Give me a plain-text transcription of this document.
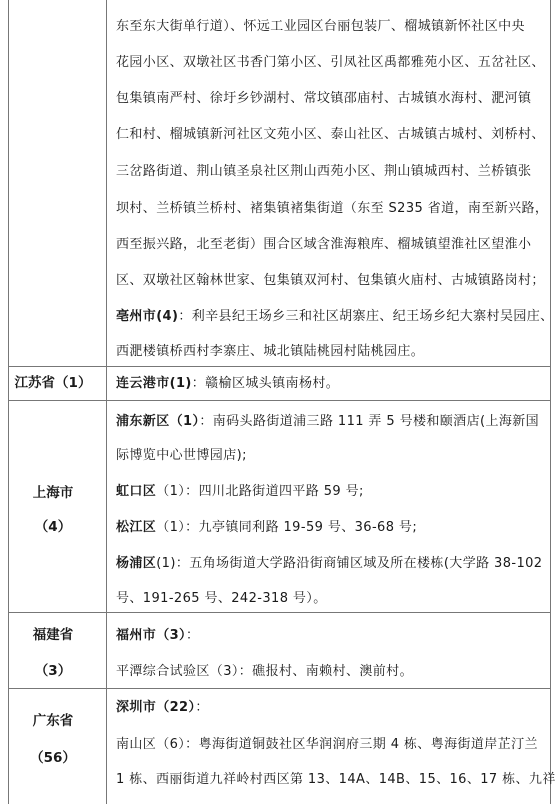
东至东大街单行道）、怀远工业园区台丽包装厂、榴城镇新怀社区中央
花园小区、双墩社区书香门第小区、引凤社区禹都雅苑小区、五岔社区、
包集镇南严村、徐圩乡钞湖村、常坟镇邵庙村、古城镇水海村、淝河镇
仁和村、榴城镇新河社区文苑小区、泰山社区、古城镇古城村、刘桥村、
三岔路街道、荆山镇圣泉社区荆山西苑小区、荆山镇城西村、兰桥镇张
坝村、兰桥镇兰桥村、褚集镇褚集街道（东至 S235 省道，南至新兴路，
西至振兴路，北至老街）围合区域含淮海粮库、榴城镇望淮社区望淮小
区、双墩社区翰林世家、包集镇双河村、包集镇火庙村、古城镇路岗村；
亳州市(4)：利辛县纪王场乡三和社区胡寨庄、纪王场乡纪大寨村吴园庄、
西淝楼镇桥西村李寨庄、城北镇陆桃园村陆桃园庄。
江苏省（1）	连云港市(1)：赣榆区城头镇南杨村。
上海市
（4）
浦东新区（1）：南码头路街道浦三路 111 弄 5 号楼和颐酒店(上海新国
际博览中心世博园店);
虹口区（1）：四川北路街道四平路 59 号;
松江区（1）：九亭镇同利路 19-59 号、36-68 号;
杨浦区(1)：五角场街道大学路沿街商铺区域及所在楼栋(大学路 38-102
号、191-265 号、242-318 号）。
福建省
（3）
福州市（3）：
平潭综合试验区（3）：礁报村、南赖村、澳前村。
广东省
（56）
深圳市（22）：
南山区（6）：粤海街道铜鼓社区华润润府三期 4 栋、粤海街道岸芷汀兰
1 栋、西丽街道九祥岭村西区第 13、14A、14B、15、16、17 栋、九祥
